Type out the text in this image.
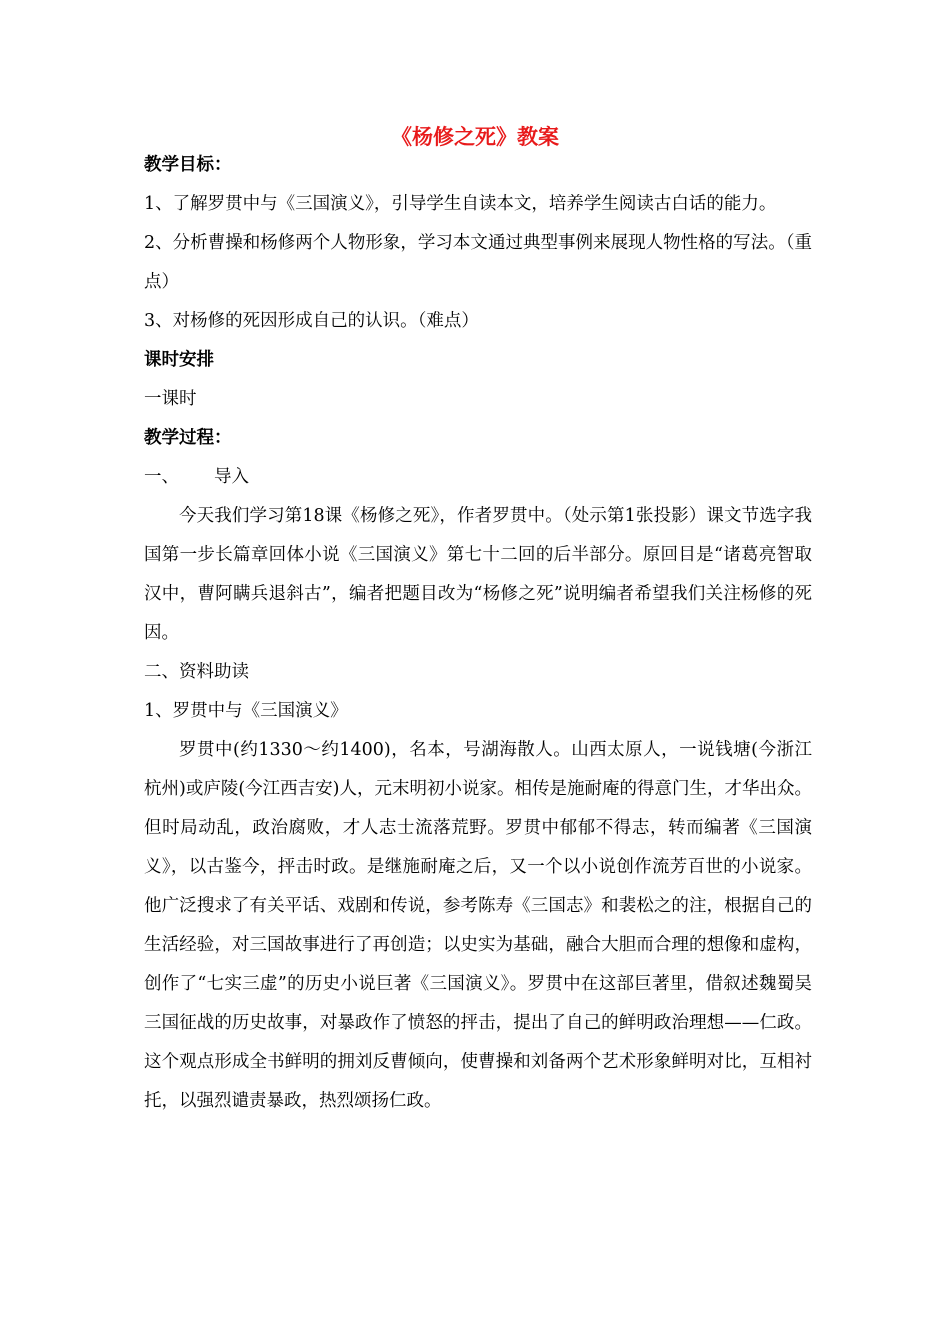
《杨修之死》教案

教学目标：

1、了解罗贯中与《三国演义》，引导学生自读本文，培养学生阅读古白话的能力。

2、分析曹操和杨修两个人物形象，学习本文通过典型事例来展现人物性格的写法。（重点）

3、对杨修的死因形成自己的认识。（难点）

课时安排

一课时

教学过程：

一、 导入

今天我们学习第18课《杨修之死》，作者罗贯中。（处示第1张投影）课文节选字我国第一步长篇章回体小说《三国演义》第七十二回的后半部分。原回目是“诸葛亮智取汉中，曹阿瞒兵退斜古”，编者把题目改为“杨修之死”说明编者希望我们关注杨修的死因。

二、资料助读

1、罗贯中与《三国演义》

罗贯中(约1330～约1400)，名本，号湖海散人。山西太原人，一说钱塘(今浙江杭州)或庐陵(今江西吉安)人，元末明初小说家。相传是施耐庵的得意门生，才华出众。但时局动乱，政治腐败，才人志士流落荒野。罗贯中郁郁不得志，转而编著《三国演义》，以古鉴今，抨击时政。是继施耐庵之后，又一个以小说创作流芳百世的小说家。他广泛搜求了有关平话、戏剧和传说，参考陈寿《三国志》和裴松之的注，根据自己的生活经验，对三国故事进行了再创造；以史实为基础，融合大胆而合理的想像和虚构，创作了“七实三虚”的历史小说巨著《三国演义》。罗贯中在这部巨著里，借叙述魏蜀吴三国征战的历史故事，对暴政作了愤怒的抨击，提出了自己的鲜明政治理想——仁政。这个观点形成全书鲜明的拥刘反曹倾向，使曹操和刘备两个艺术形象鲜明对比，互相衬托，以强烈谴责暴政，热烈颂扬仁政。
